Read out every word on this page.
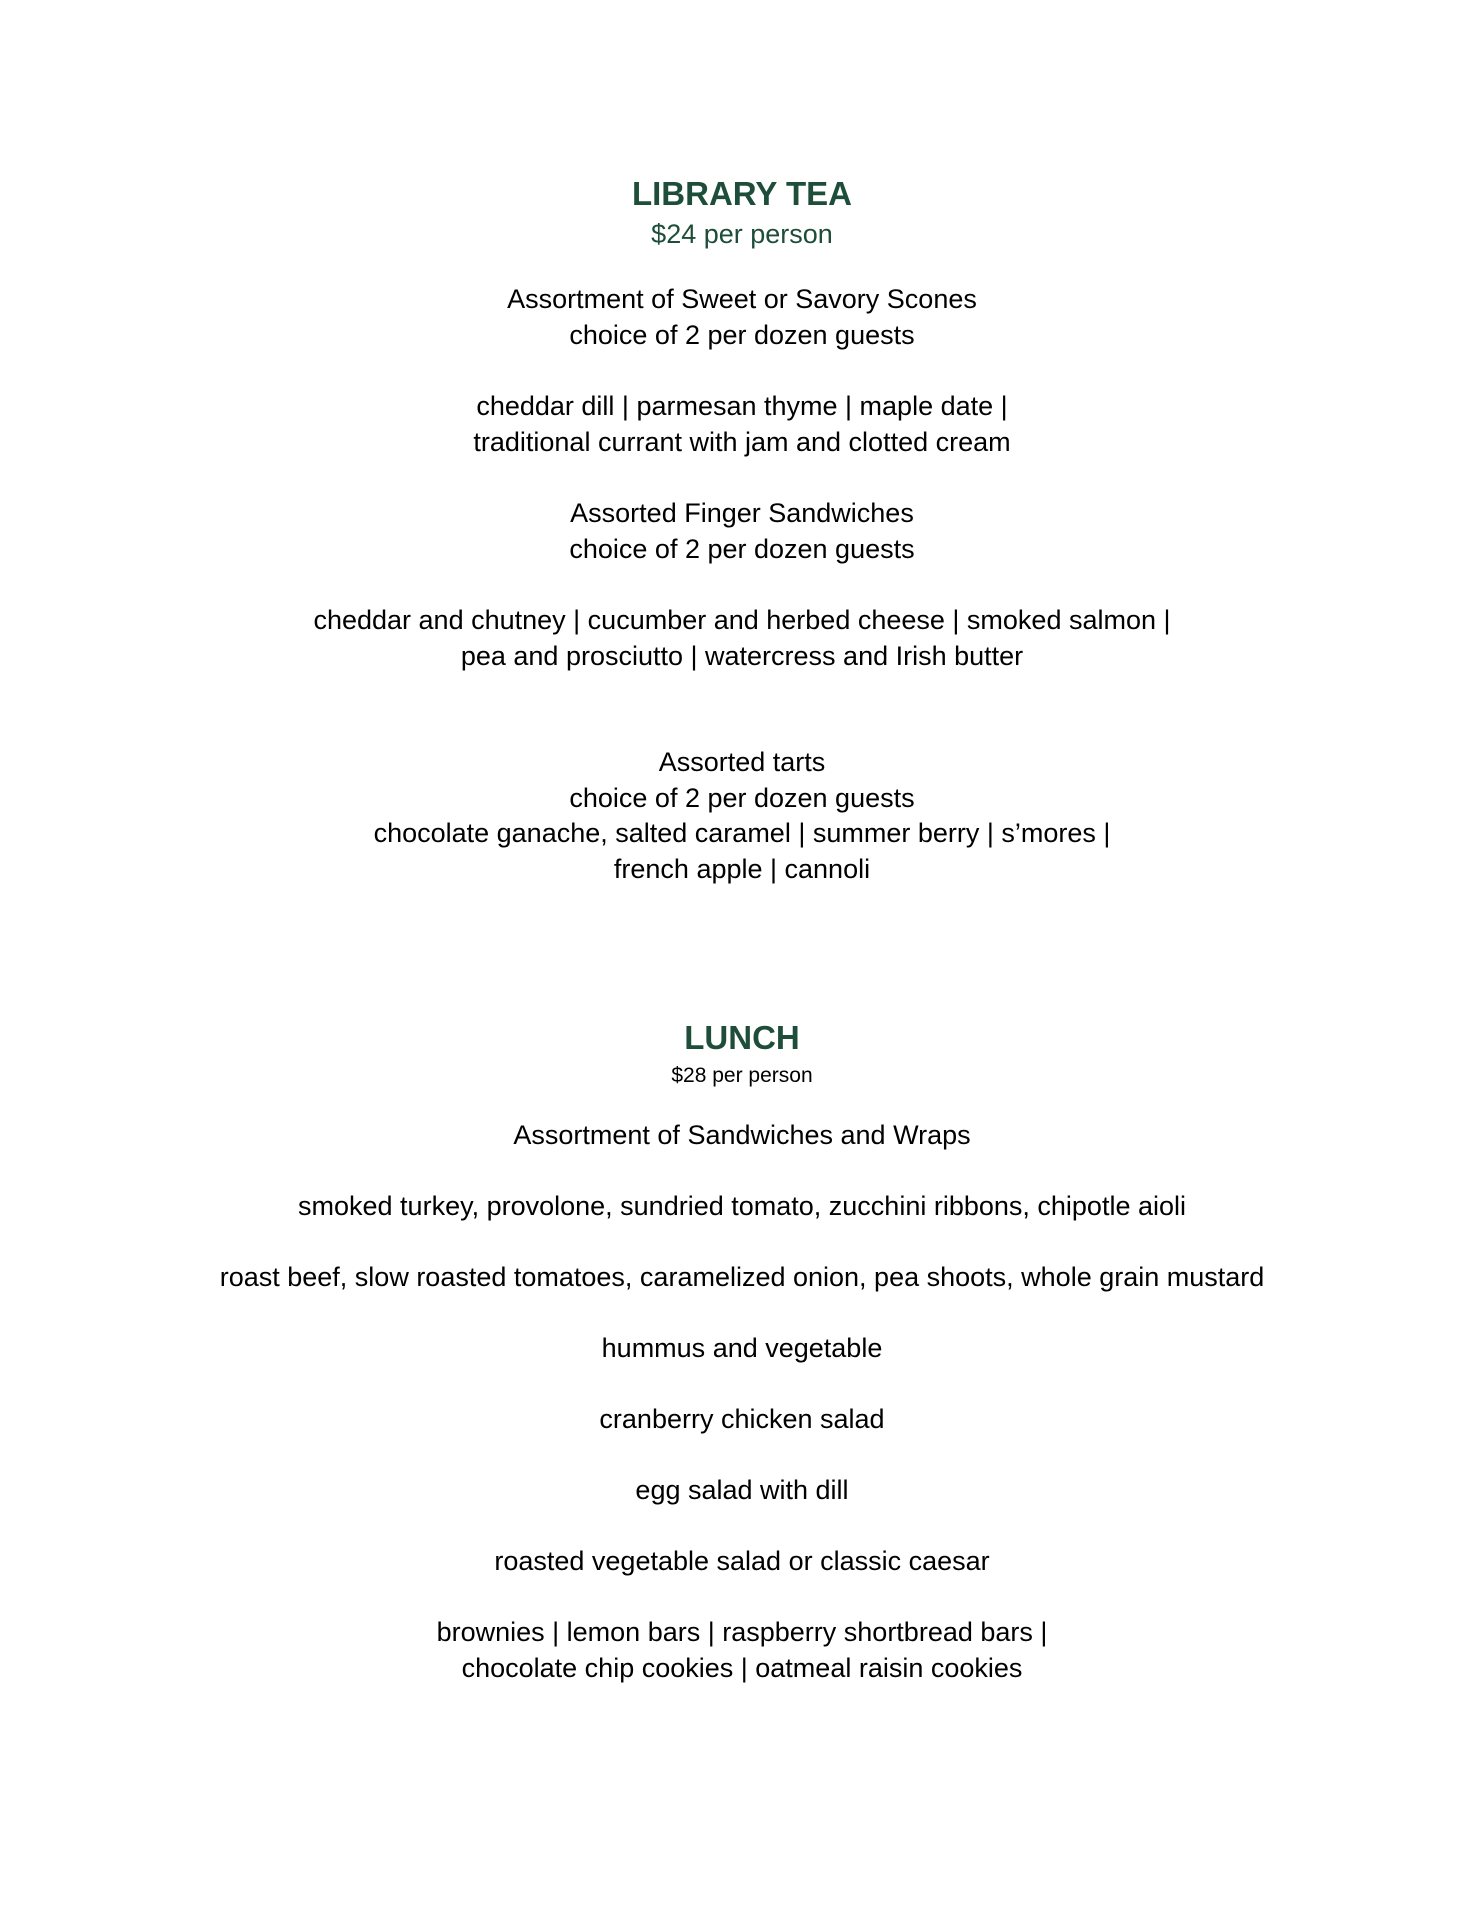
LIBRARY TEA
$24 per person
Assortment of Sweet or Savory Scones
choice of 2 per dozen guests
cheddar dill | parmesan thyme | maple date |
traditional currant with jam and clotted cream
Assorted Finger Sandwiches
choice of 2 per dozen guests
cheddar and chutney | cucumber and herbed cheese | smoked salmon |
pea and prosciutto | watercress and Irish butter
Assorted tarts
choice of 2 per dozen guests
chocolate ganache, salted caramel | summer berry | s’mores |
french apple | cannoli
LUNCH
$28 per person
Assortment of Sandwiches and Wraps
smoked turkey, provolone, sundried tomato, zucchini ribbons, chipotle aioli
roast beef, slow roasted tomatoes, caramelized onion, pea shoots, whole grain mustard
hummus and vegetable
cranberry chicken salad
egg salad with dill
roasted vegetable salad or classic caesar
brownies | lemon bars | raspberry shortbread bars |
chocolate chip cookies | oatmeal raisin cookies
